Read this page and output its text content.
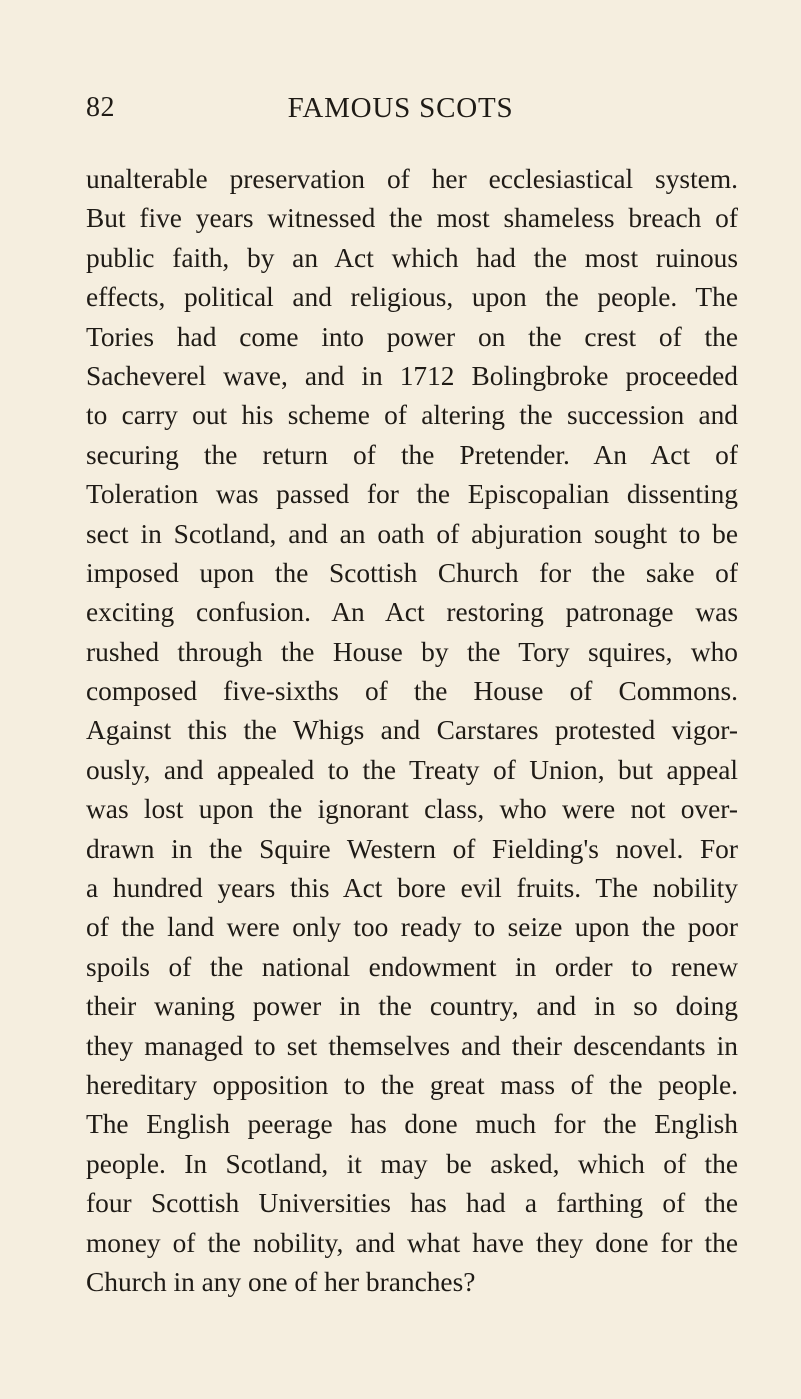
82	FAMOUS SCOTS
unalterable preservation of her ecclesiastical system.
But five years witnessed the most shameless breach of
public faith, by an Act which had the most ruinous
effects, political and religious, upon the people. The
Tories had come into power on the crest of the
Sacheverel wave, and in 1712 Bolingbroke proceeded
to carry out his scheme of altering the succession and
securing the return of the Pretender. An Act of
Toleration was passed for the Episcopalian dissenting
sect in Scotland, and an oath of abjuration sought to be
imposed upon the Scottish Church for the sake of
exciting confusion. An Act restoring patronage was
rushed through the House by the Tory squires, who
composed five-sixths of the House of Commons.
Against this the Whigs and Carstares protested vigor-
ously, and appealed to the Treaty of Union, but appeal
was lost upon the ignorant class, who were not over-
drawn in the Squire Western of Fielding's novel. For
a hundred years this Act bore evil fruits. The nobility
of the land were only too ready to seize upon the poor
spoils of the national endowment in order to renew
their waning power in the country, and in so doing
they managed to set themselves and their descendants in
hereditary opposition to the great mass of the people.
The English peerage has done much for the English
people. In Scotland, it may be asked, which of the
four Scottish Universities has had a farthing of the
money of the nobility, and what have they done for the
Church in any one of her branches?
